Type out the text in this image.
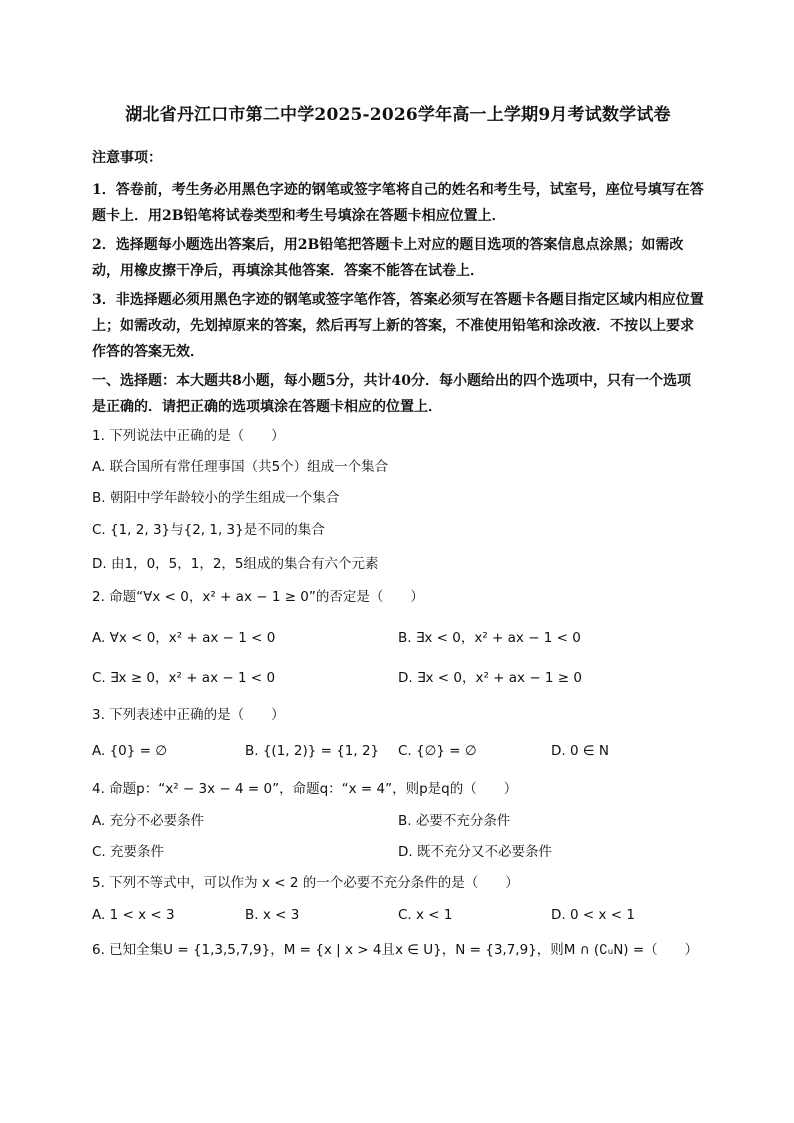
湖北省丹江口市第二中学2025-2026学年高一上学期9月考试数学试卷
注意事项：
1．答卷前，考生务必用黑色字迹的钢笔或签字笔将自己的姓名和考生号，试室号，座位号填写在答题卡上．用2B铅笔将试卷类型和考生号填涂在答题卡相应位置上．
2．选择题每小题选出答案后，用2B铅笔把答题卡上对应的题目选项的答案信息点涂黑；如需改动，用橡皮擦干净后，再填涂其他答案．答案不能答在试卷上．
3．非选择题必须用黑色字迹的钢笔或签字笔作答，答案必须写在答题卡各题目指定区域内相应位置上；如需改动，先划掉原来的答案，然后再写上新的答案，不准使用铅笔和涂改液．不按以上要求作答的答案无效．
一、选择题：本大题共8小题，每小题5分，共计40分．每小题给出的四个选项中，只有一个选项是正确的．请把正确的选项填涂在答题卡相应的位置上．
1. 下列说法中正确的是（　　）
A. 联合国所有常任理事国（共5个）组成一个集合
B. 朝阳中学年龄较小的学生组成一个集合
C. {1, 2, 3}与{2, 1, 3}是不同的集合
D. 由1，0，5，1，2，5组成的集合有六个元素
2. 命题“∀x < 0，x² + ax − 1 ≥ 0”的否定是（　　）
A. ∀x < 0，x² + ax − 1 < 0	B. ∃x < 0，x² + ax − 1 < 0
C. ∃x ≥ 0，x² + ax − 1 < 0	D. ∃x < 0，x² + ax − 1 ≥ 0
3. 下列表述中正确的是（　　）
A. {0} = ∅	B. {(1, 2)} = {1, 2}	C. {∅} = ∅	D. 0 ∈ N
4. 命题p：“x² − 3x − 4 = 0”，命题q：“x = 4”，则p是q的（　　）
A. 充分不必要条件	B. 必要不充分条件
C. 充要条件	D. 既不充分又不必要条件
5. 下列不等式中，可以作为 x < 2 的一个必要不充分条件的是（　　）
A. 1 < x < 3	B. x < 3	C. x < 1	D. 0 < x < 1
6. 已知全集U = {1,3,5,7,9}，M = {x | x > 4且x ∈ U}，N = {3,7,9}，则M ∩ (∁ᵤN) =（　　）
